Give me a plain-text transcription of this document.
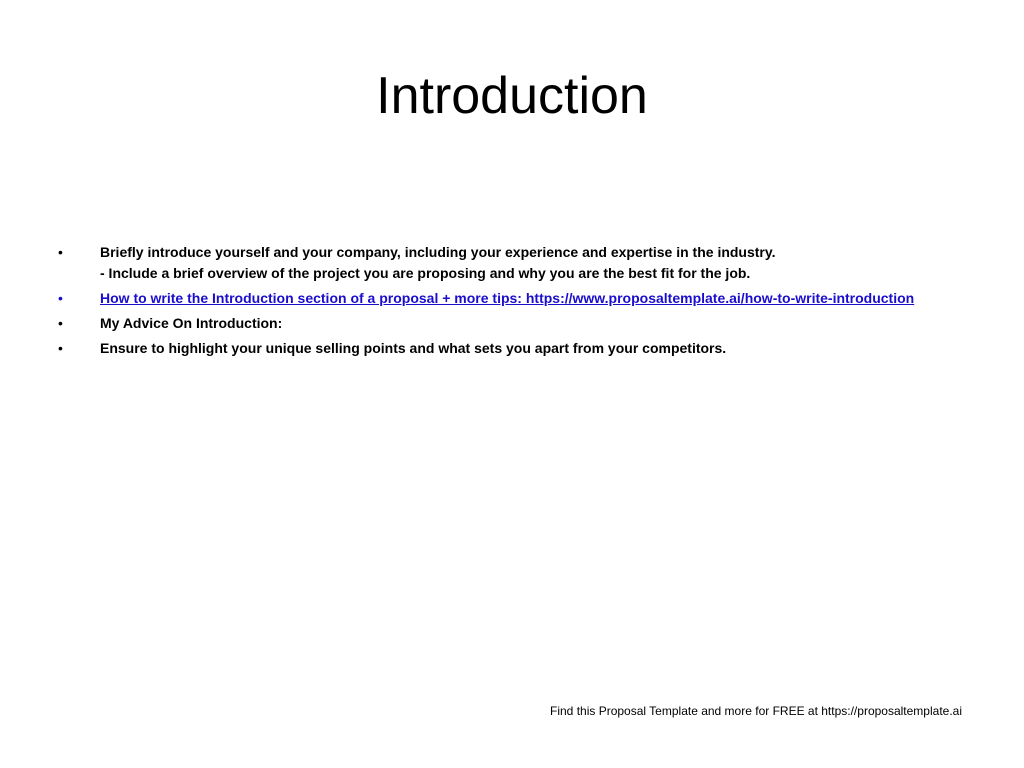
Introduction
•	Briefly introduce yourself and your company, including your experience and expertise in the industry.
- Include a brief overview of the project you are proposing and why you are the best fit for the job.
•	How to write the Introduction section of a proposal + more tips: https://www.proposaltemplate.ai/how-to-write-introduction
•	My Advice On Introduction:
•	Ensure to highlight your unique selling points and what sets you apart from your competitors.
Find this Proposal Template and more for FREE at https://proposaltemplate.ai
